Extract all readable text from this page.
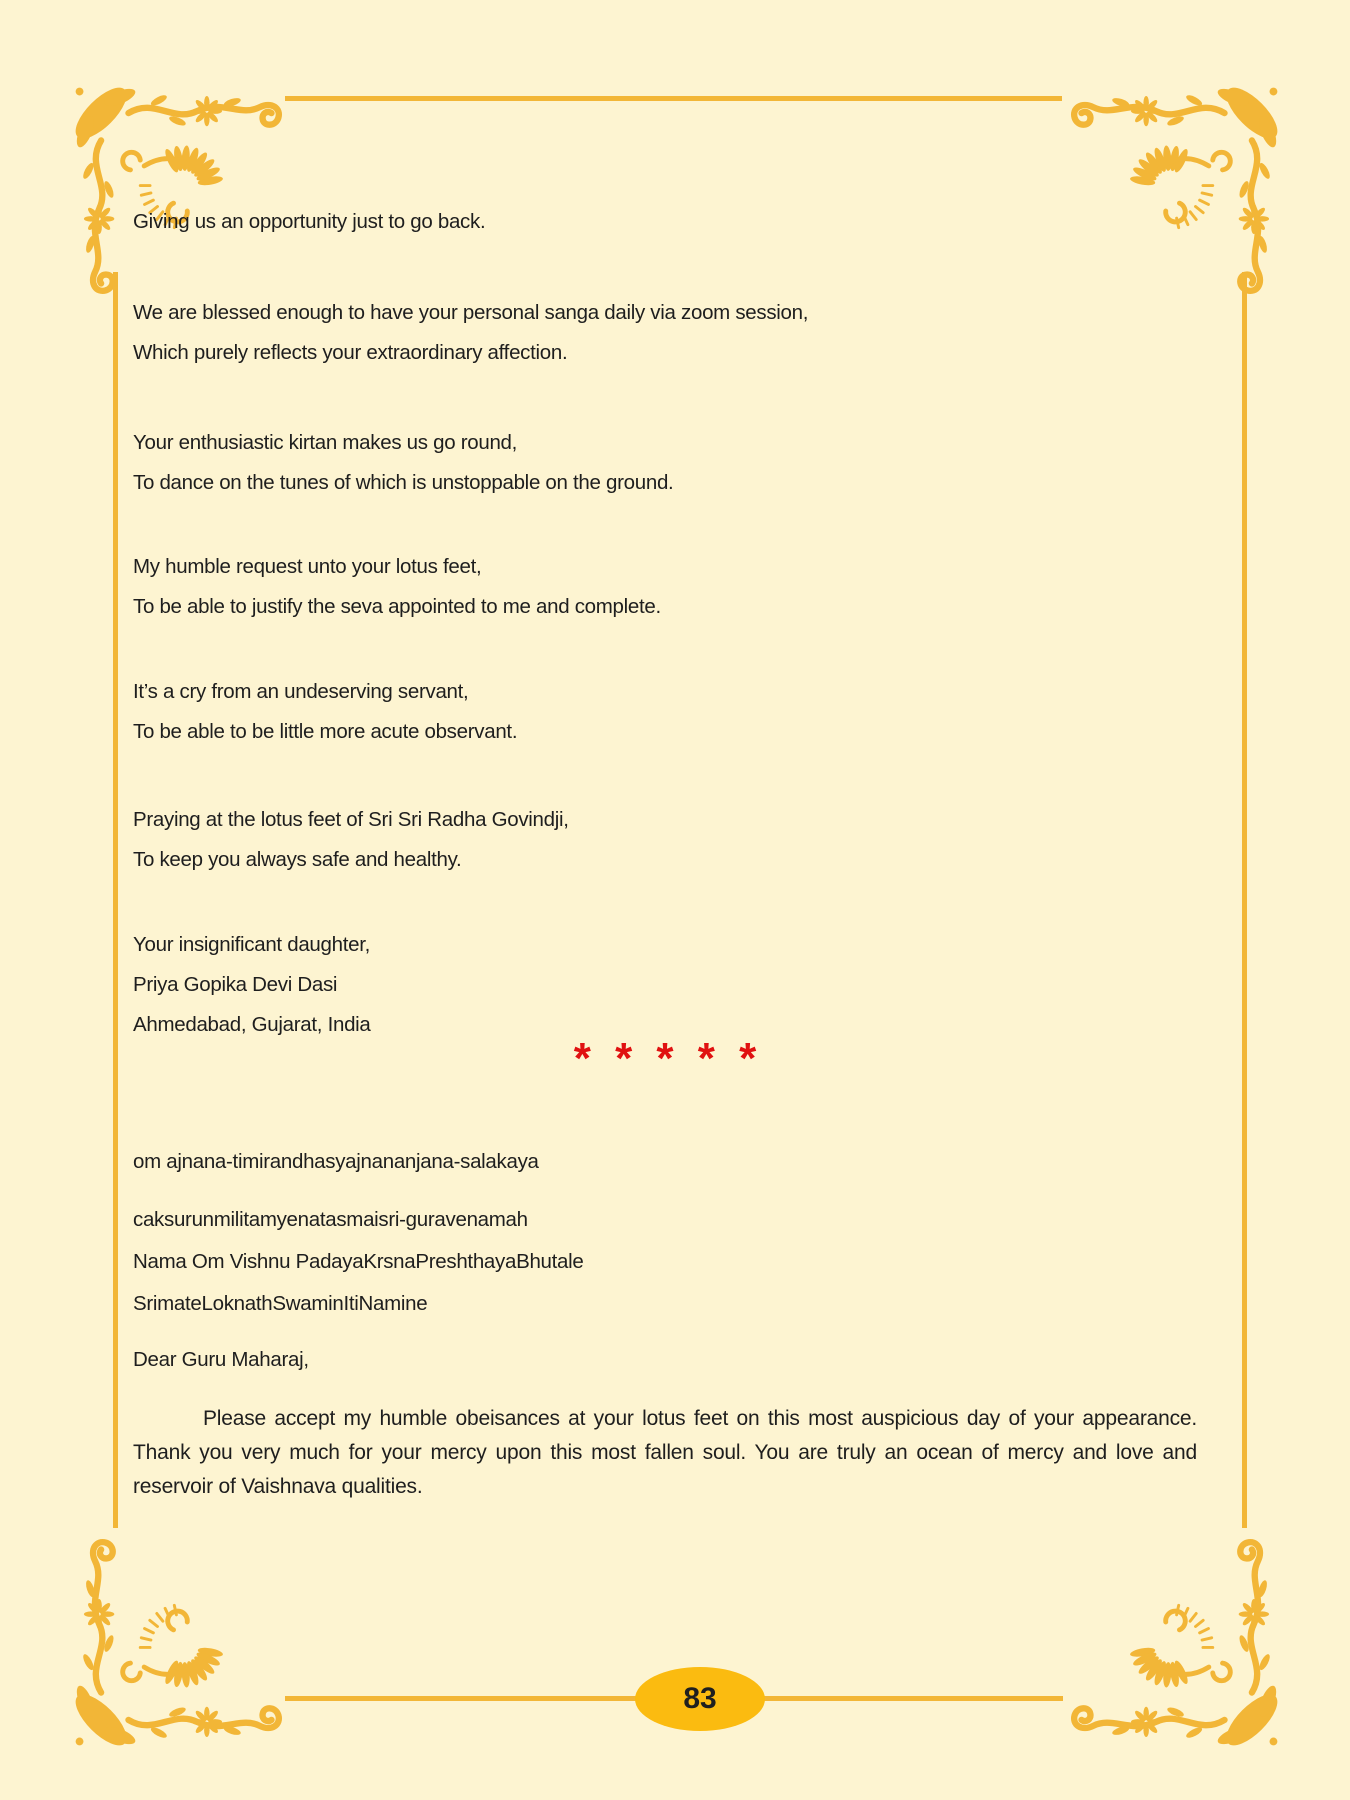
Giving us an opportunity just to go back.

We are blessed enough to have your personal sanga daily via zoom session,

Which purely reflects your extraordinary affection.

Your enthusiastic kirtan makes us go round,

To dance on the tunes of which is unstoppable on the ground.

My humble request unto your lotus feet,

To be able to justify the seva appointed to me and complete.

It’s a cry from an undeserving servant,

To be able to be little more acute observant.

Praying at the lotus feet of Sri Sri Radha Govindji,

To keep you always safe and healthy.

Your insignificant daughter,

Priya Gopika Devi Dasi

Ahmedabad, Gujarat, India

* * * * *

om ajnana-timirandhasyajnananjana-salakaya

caksurunmilitamyenatasmaisri-guravenamah

Nama Om Vishnu PadayaKrsnaPreshthayaBhutale

SrimateLoknathSwaminItiNamine

Dear Guru Maharaj,

Please accept my humble obeisances at your lotus feet on this most auspicious day of your appearance. Thank you very much for your mercy upon this most fallen soul. You are truly an ocean of mercy and love and reservoir of Vaishnava qualities.

83
